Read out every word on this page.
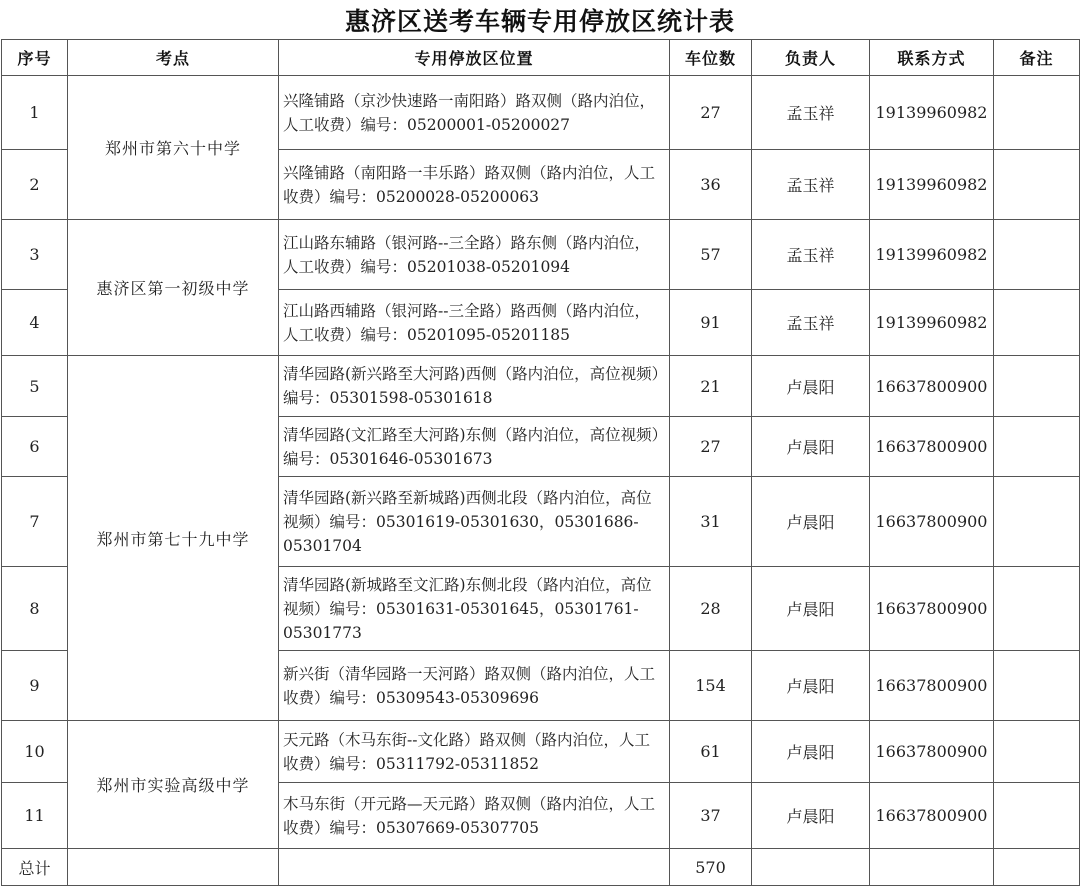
惠济区送考车辆专用停放区统计表
序号	考点	专用停放区位置	车位数	负责人	联系方式	备注
1	郑州市第六十中学	兴隆铺路（京沙快速路一南阳路）路双侧（路内泊位，人工收费）编号：05200001-05200027	27	孟玉祥	19139960982	
2		兴隆铺路（南阳路一丰乐路）路双侧（路内泊位，人工收费）编号：05200028-05200063	36	孟玉祥	19139960982	
3	惠济区第一初级中学	江山路东辅路（银河路--三全路）路东侧（路内泊位，人工收费）编号：05201038-05201094	57	孟玉祥	19139960982	
4		江山路西辅路（银河路--三全路）路西侧（路内泊位，人工收费）编号：05201095-05201185	91	孟玉祥	19139960982	
5	郑州市第七十九中学	清华园路(新兴路至大河路)西侧（路内泊位，高位视频）编号：05301598-05301618	21	卢晨阳	16637800900	
6		清华园路(文汇路至大河路)东侧（路内泊位，高位视频）编号：05301646-05301673	27	卢晨阳	16637800900	
7		清华园路(新兴路至新城路)西侧北段（路内泊位，高位视频）编号：05301619-05301630，05301686-05301704	31	卢晨阳	16637800900	
8		清华园路(新城路至文汇路)东侧北段（路内泊位，高位视频）编号：05301631-05301645，05301761-05301773	28	卢晨阳	16637800900	
9		新兴街（清华园路一天河路）路双侧（路内泊位，人工收费）编号：05309543-05309696	154	卢晨阳	16637800900	
10	郑州市实验高级中学	天元路（木马东街--文化路）路双侧（路内泊位，人工收费）编号：05311792-05311852	61	卢晨阳	16637800900	
11		木马东街（开元路—天元路）路双侧（路内泊位，人工收费）编号：05307669-05307705	37	卢晨阳	16637800900	
总计			570			
